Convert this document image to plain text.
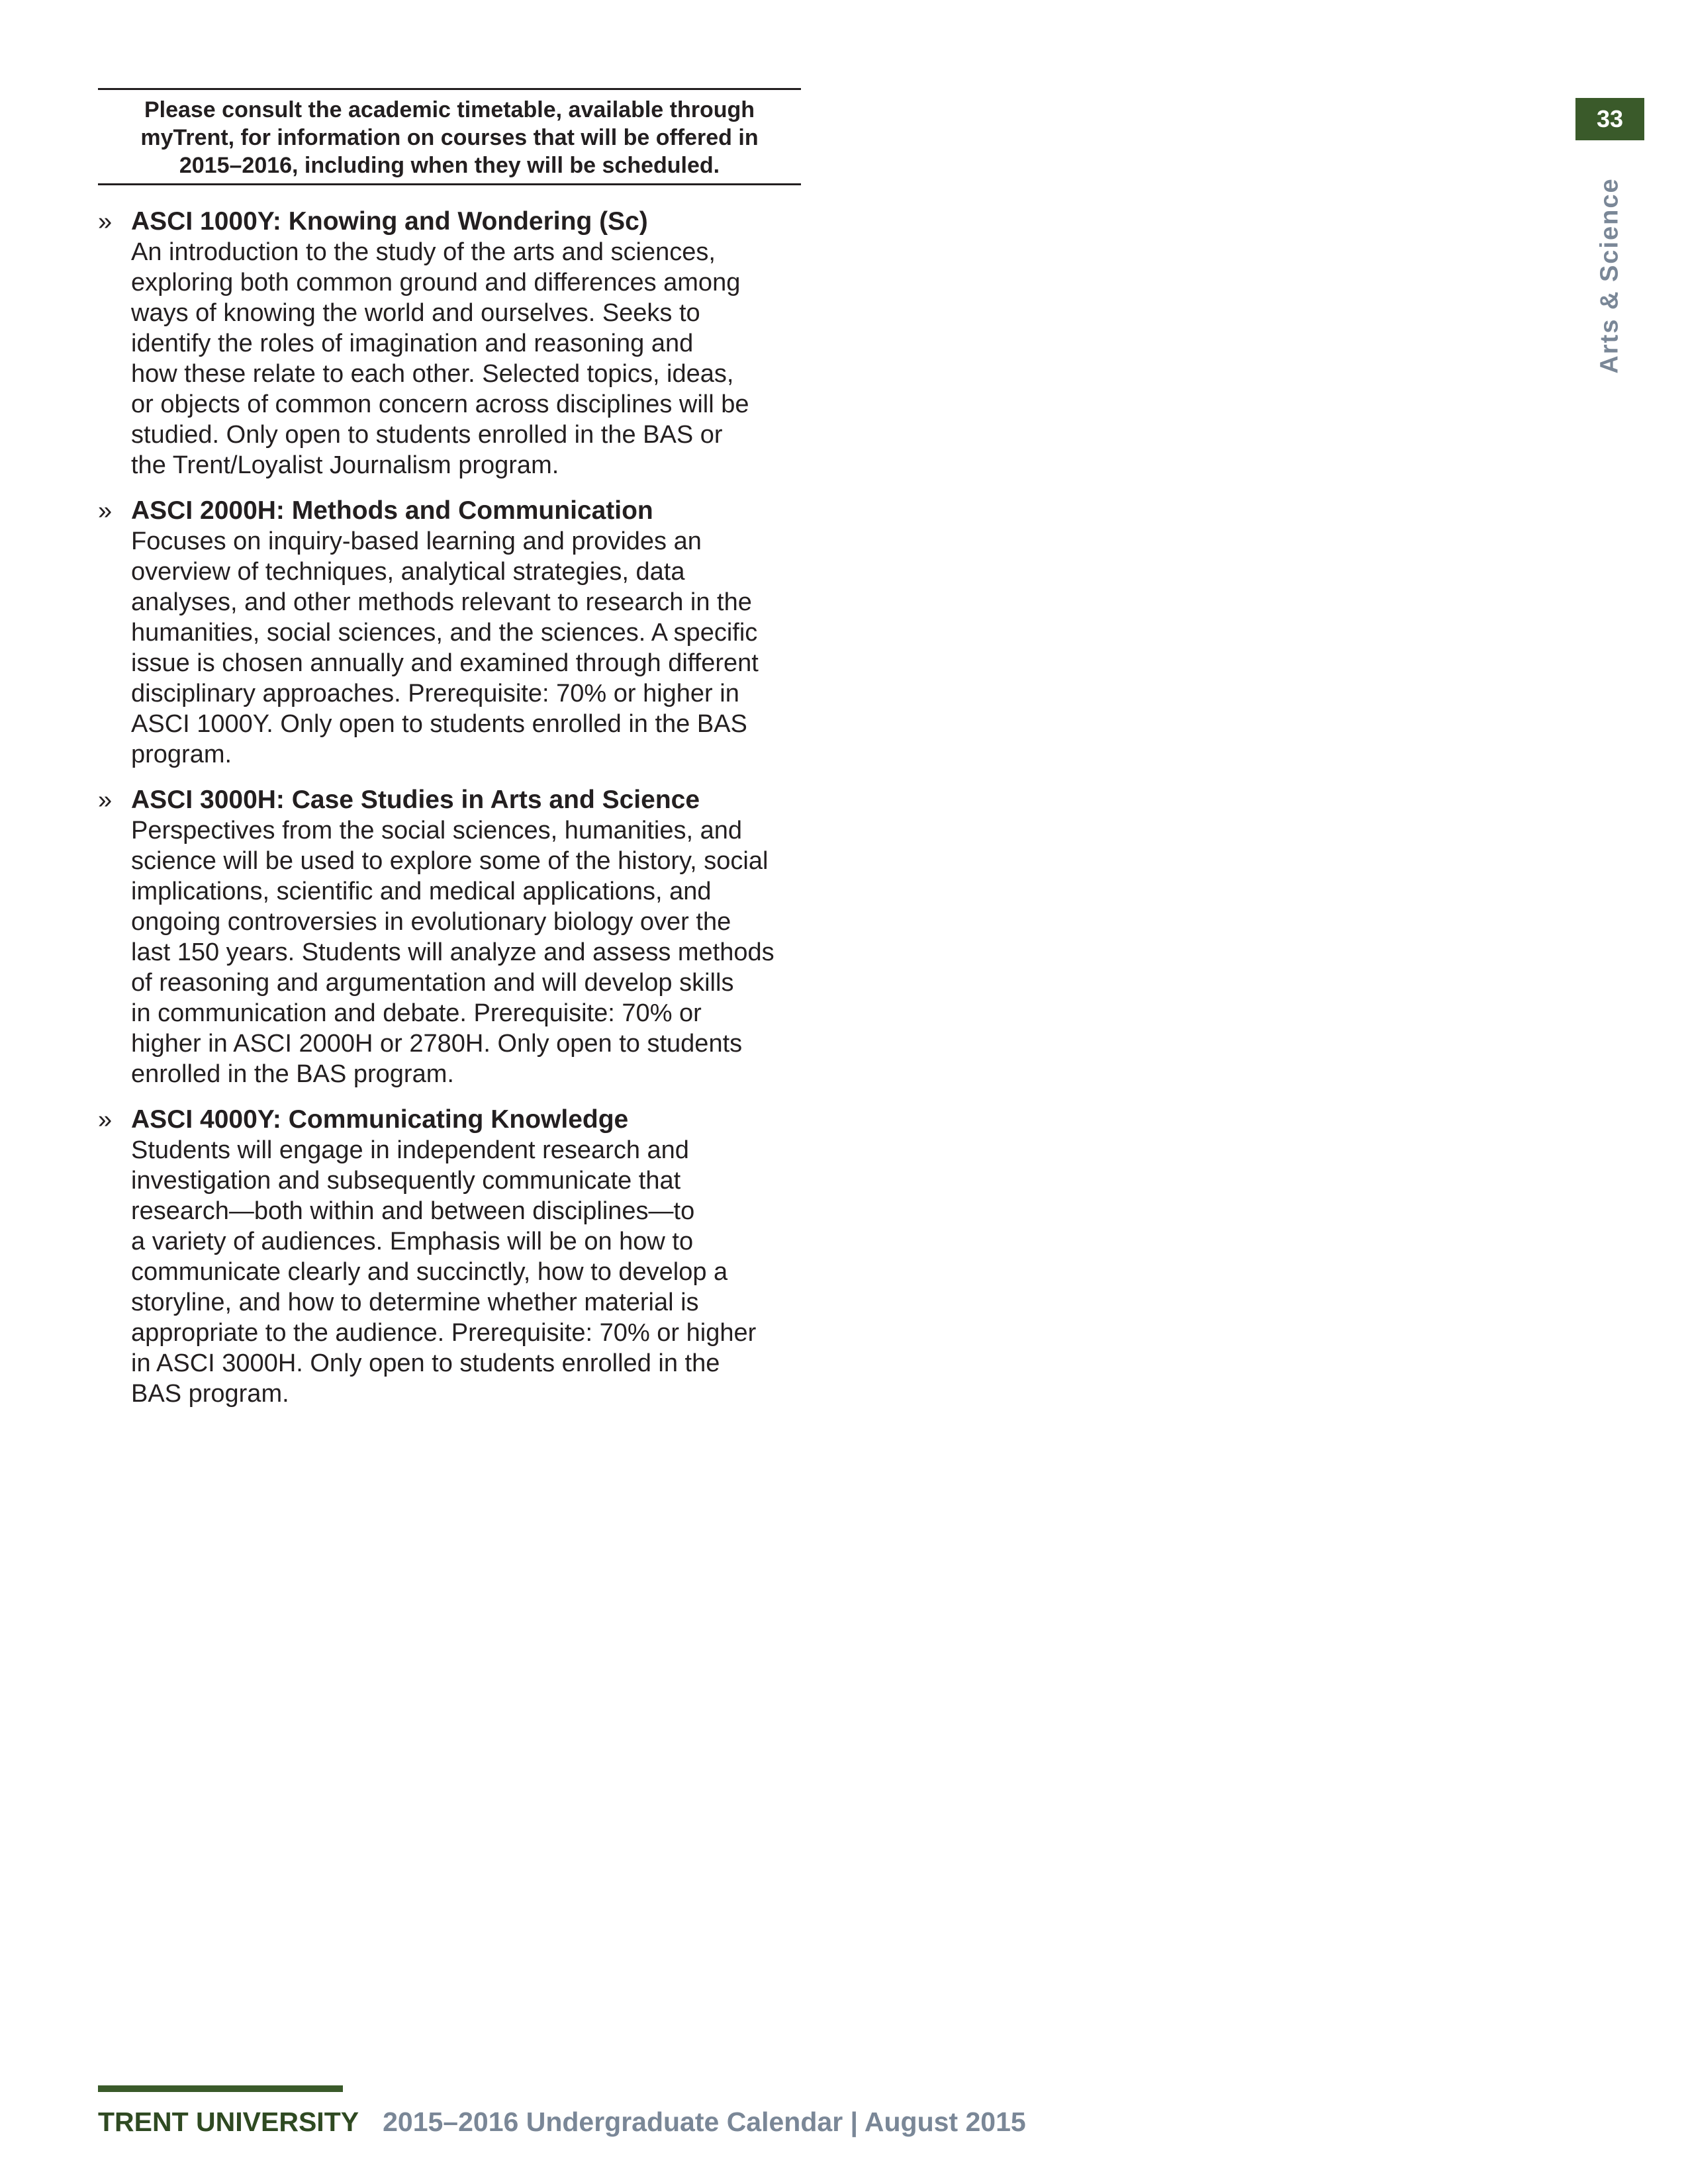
Please consult the academic timetable, available through
myTrent, for information on courses that will be offered in
2015–2016, including when they will be scheduled.
» ASCI 1000Y: Knowing and Wondering (Sc)
An introduction to the study of the arts and sciences,
exploring both common ground and differences among
ways of knowing the world and ourselves. Seeks to
identify the roles of imagination and reasoning and
how these relate to each other. Selected topics, ideas,
or objects of common concern across disciplines will be
studied. Only open to students enrolled in the BAS or
the Trent/Loyalist Journalism program.
» ASCI 2000H: Methods and Communication
Focuses on inquiry-based learning and provides an
overview of techniques, analytical strategies, data
analyses, and other methods relevant to research in the
humanities, social sciences, and the sciences. A specific
issue is chosen annually and examined through different
disciplinary approaches. Prerequisite: 70% or higher in
ASCI 1000Y. Only open to students enrolled in the BAS
program.
» ASCI 3000H: Case Studies in Arts and Science
Perspectives from the social sciences, humanities, and
science will be used to explore some of the history, social
implications, scientific and medical applications, and
ongoing controversies in evolutionary biology over the
last 150 years. Students will analyze and assess methods
of reasoning and argumentation and will develop skills
in communication and debate. Prerequisite: 70% or
higher in ASCI 2000H or 2780H. Only open to students
enrolled in the BAS program.
» ASCI 4000Y: Communicating Knowledge
Students will engage in independent research and
investigation and subsequently communicate that
research—both within and between disciplines—to
a variety of audiences. Emphasis will be on how to
communicate clearly and succinctly, how to develop a
storyline, and how to determine whether material is
appropriate to the audience. Prerequisite: 70% or higher
in ASCI 3000H. Only open to students enrolled in the
BAS program.
33
Arts & Science
TRENT UNIVERSITY 2015–2016 Undergraduate Calendar | August 2015
